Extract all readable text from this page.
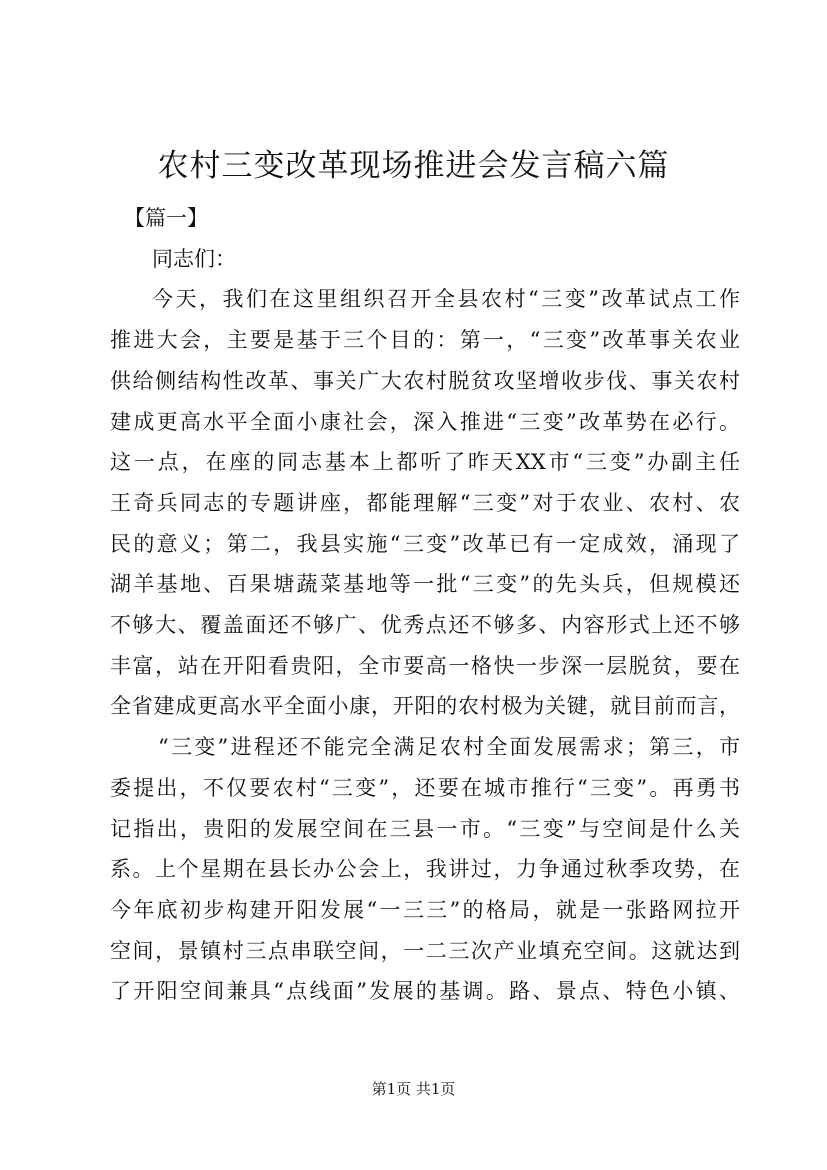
农村三变改革现场推进会发言稿六篇
【篇一】
同志们：
今天，我们在这里组织召开全县农村“三变”改革试点工作
推进大会，主要是基于三个目的：第一，“三变”改革事关农业
供给侧结构性改革、事关广大农村脱贫攻坚增收步伐、事关农村
建成更高水平全面小康社会，深入推进“三变”改革势在必行。
这一点，在座的同志基本上都听了昨天XX市“三变”办副主任
王奇兵同志的专题讲座，都能理解“三变”对于农业、农村、农
民的意义；第二，我县实施“三变”改革已有一定成效，涌现了
湖羊基地、百果塘蔬菜基地等一批“三变”的先头兵，但规模还
不够大、覆盖面还不够广、优秀点还不够多、内容形式上还不够
丰富，站在开阳看贵阳，全市要高一格快一步深一层脱贫，要在
全省建成更高水平全面小康，开阳的农村极为关键，就目前而言，
“三变”进程还不能完全满足农村全面发展需求；第三，市
委提出，不仅要农村“三变”，还要在城市推行“三变”。再勇书
记指出，贵阳的发展空间在三县一市。“三变”与空间是什么关
系。上个星期在县长办公会上，我讲过，力争通过秋季攻势，在
今年底初步构建开阳发展“一三三”的格局，就是一张路网拉开
空间，景镇村三点串联空间，一二三次产业填充空间。这就达到
了开阳空间兼具“点线面”发展的基调。路、景点、特色小镇、
第1页 共1页
